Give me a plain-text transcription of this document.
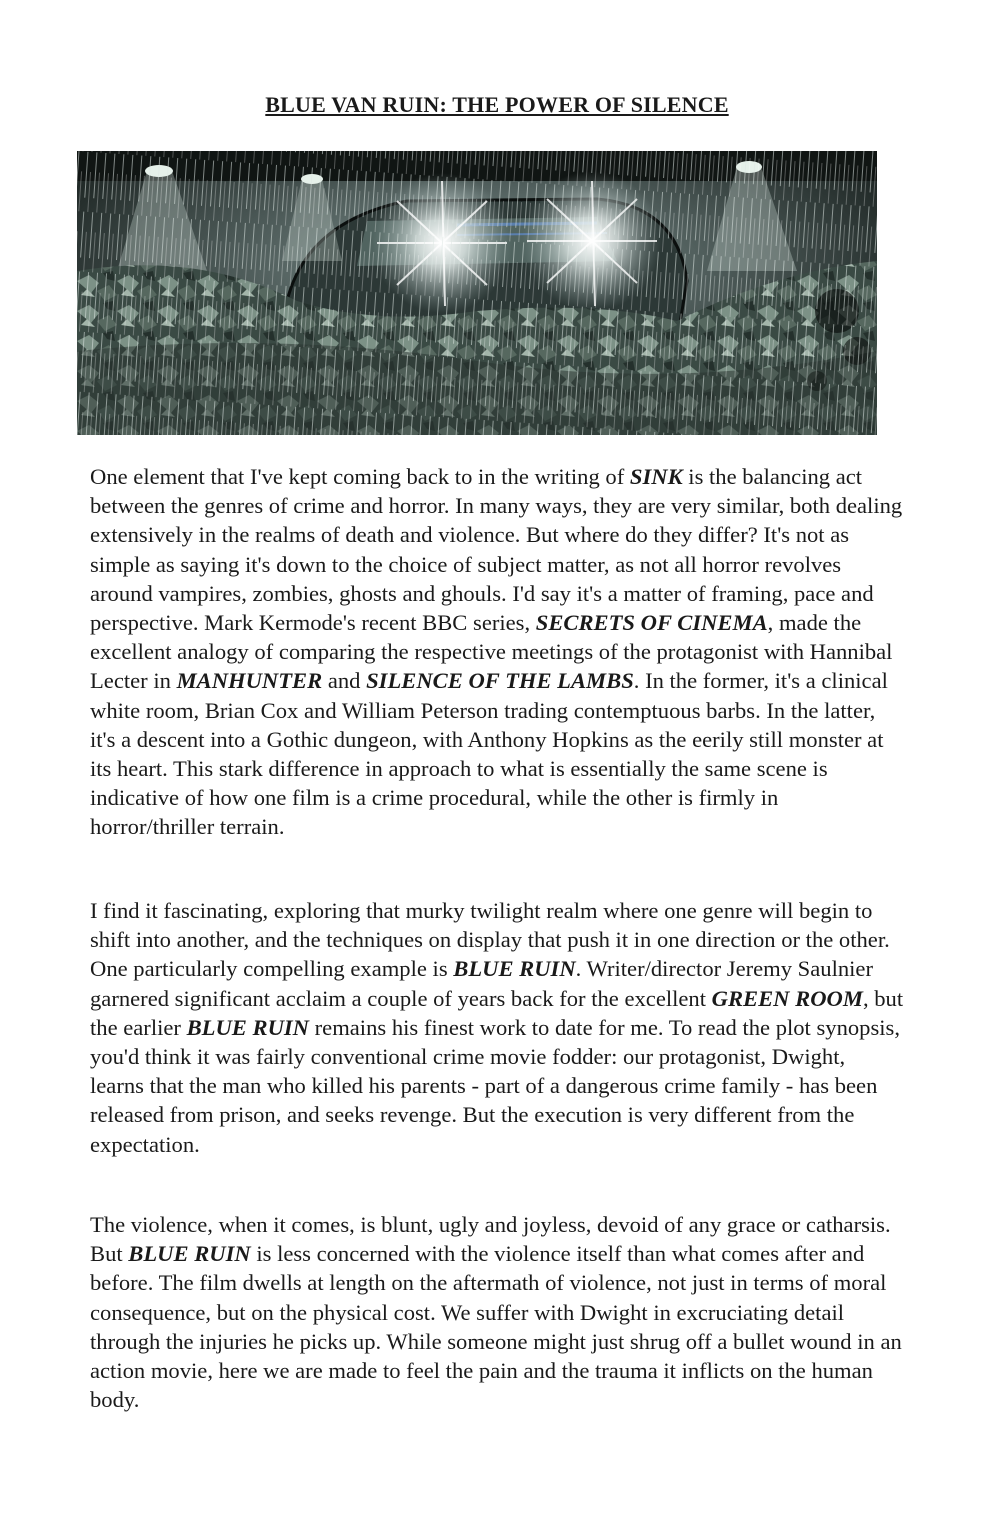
BLUE VAN RUIN: THE POWER OF SILENCE

One element that I've kept coming back to in the writing of SINK is the balancing act between the genres of crime and horror. In many ways, they are very similar, both dealing extensively in the realms of death and violence. But where do they differ? It's not as simple as saying it's down to the choice of subject matter, as not all horror revolves around vampires, zombies, ghosts and ghouls. I'd say it's a matter of framing, pace and perspective. Mark Kermode's recent BBC series, SECRETS OF CINEMA, made the excellent analogy of comparing the respective meetings of the protagonist with Hannibal Lecter in MANHUNTER and SILENCE OF THE LAMBS. In the former, it's a clinical white room, Brian Cox and William Peterson trading contemptuous barbs. In the latter, it's a descent into a Gothic dungeon, with Anthony Hopkins as the eerily still monster at its heart. This stark difference in approach to what is essentially the same scene is indicative of how one film is a crime procedural, while the other is firmly in horror/thriller terrain.

I find it fascinating, exploring that murky twilight realm where one genre will begin to shift into another, and the techniques on display that push it in one direction or the other. One particularly compelling example is BLUE RUIN. Writer/director Jeremy Saulnier garnered significant acclaim a couple of years back for the excellent GREEN ROOM, but the earlier BLUE RUIN remains his finest work to date for me. To read the plot synopsis, you'd think it was fairly conventional crime movie fodder: our protagonist, Dwight, learns that the man who killed his parents - part of a dangerous crime family - has been released from prison, and seeks revenge. But the execution is very different from the expectation.

The violence, when it comes, is blunt, ugly and joyless, devoid of any grace or catharsis. But BLUE RUIN is less concerned with the violence itself than what comes after and before. The film dwells at length on the aftermath of violence, not just in terms of moral consequence, but on the physical cost. We suffer with Dwight in excruciating detail through the injuries he picks up. While someone might just shrug off a bullet wound in an action movie, here we are made to feel the pain and the trauma it inflicts on the human body.
